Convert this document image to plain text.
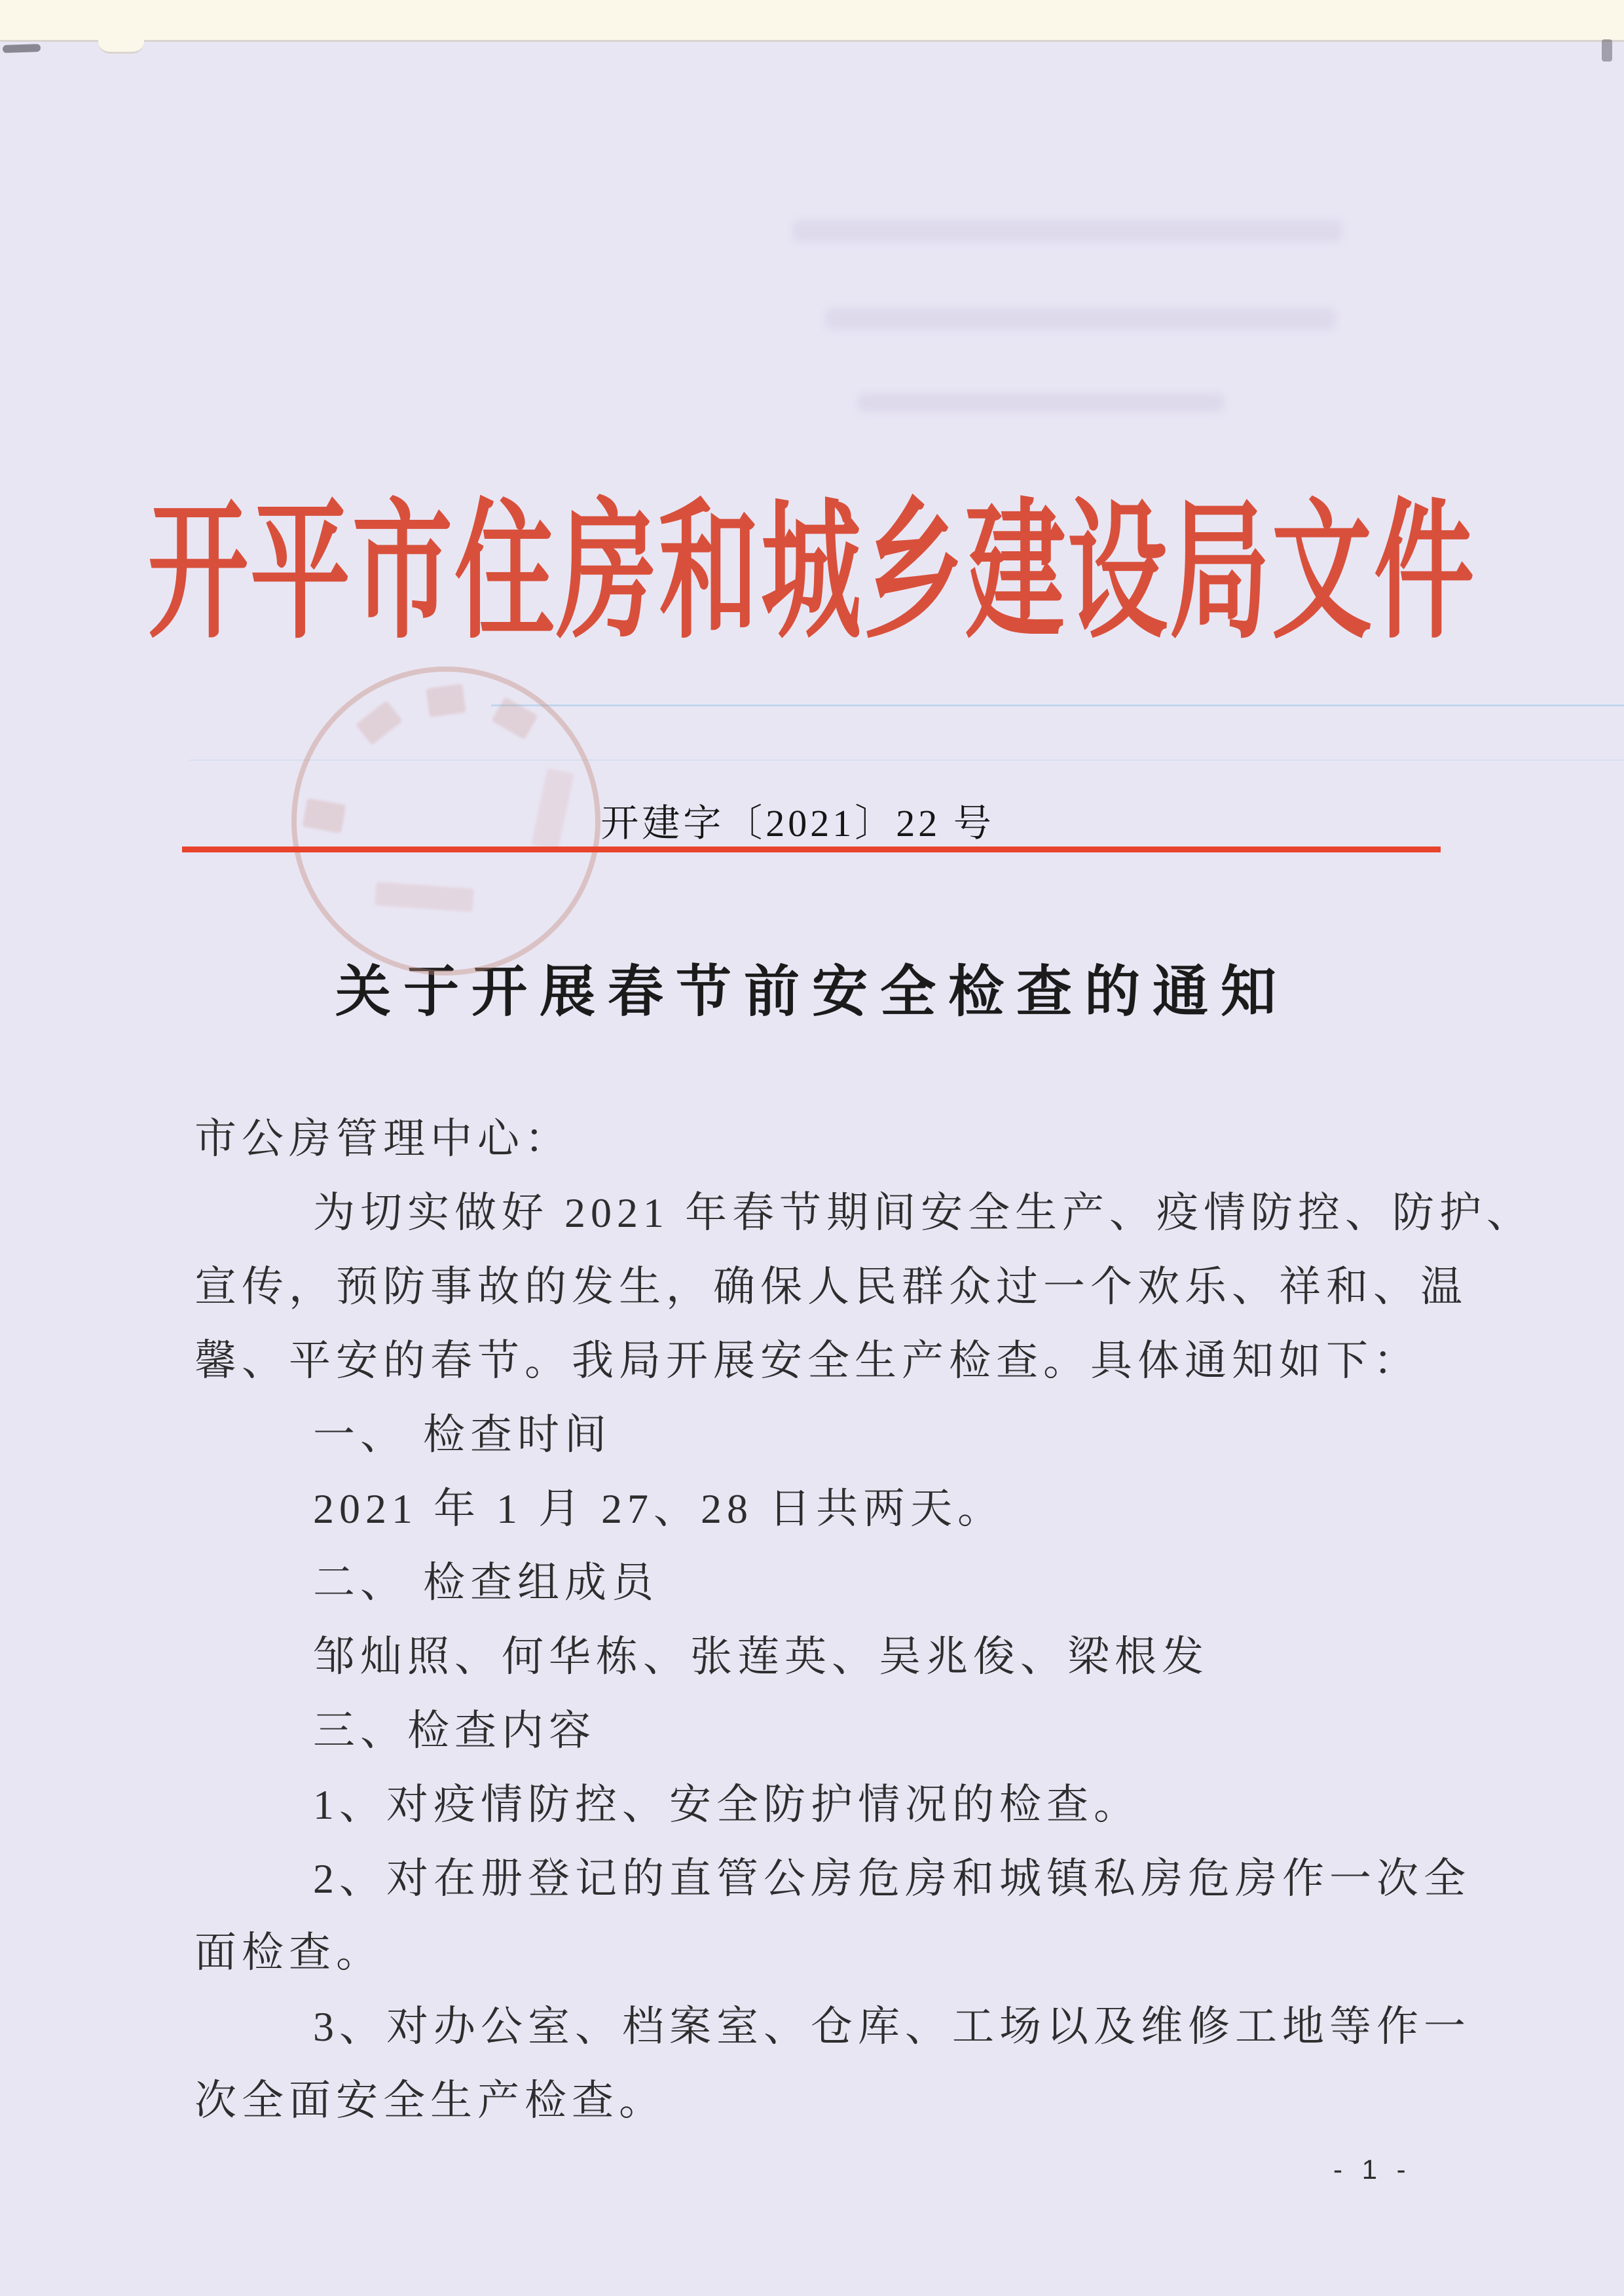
开平市住房和城乡建设局文件
开建字〔2021〕22 号
关于开展春节前安全检查的通知
市公房管理中心：
为切实做好 2021 年春节期间安全生产、疫情防控、防护、
宣传，预防事故的发生，确保人民群众过一个欢乐、祥和、温
馨、平安的春节。我局开展安全生产检查。具体通知如下：
一、 检查时间
2021 年 1 月 27、28 日共两天。
二、 检查组成员
邹灿照、何华栋、张莲英、吴兆俊、梁根发
三、检查内容
1、对疫情防控、安全防护情况的检查。
2、对在册登记的直管公房危房和城镇私房危房作一次全
面检查。
3、对办公室、档案室、仓库、工场以及维修工地等作一
次全面安全生产检查。
- 1 -
